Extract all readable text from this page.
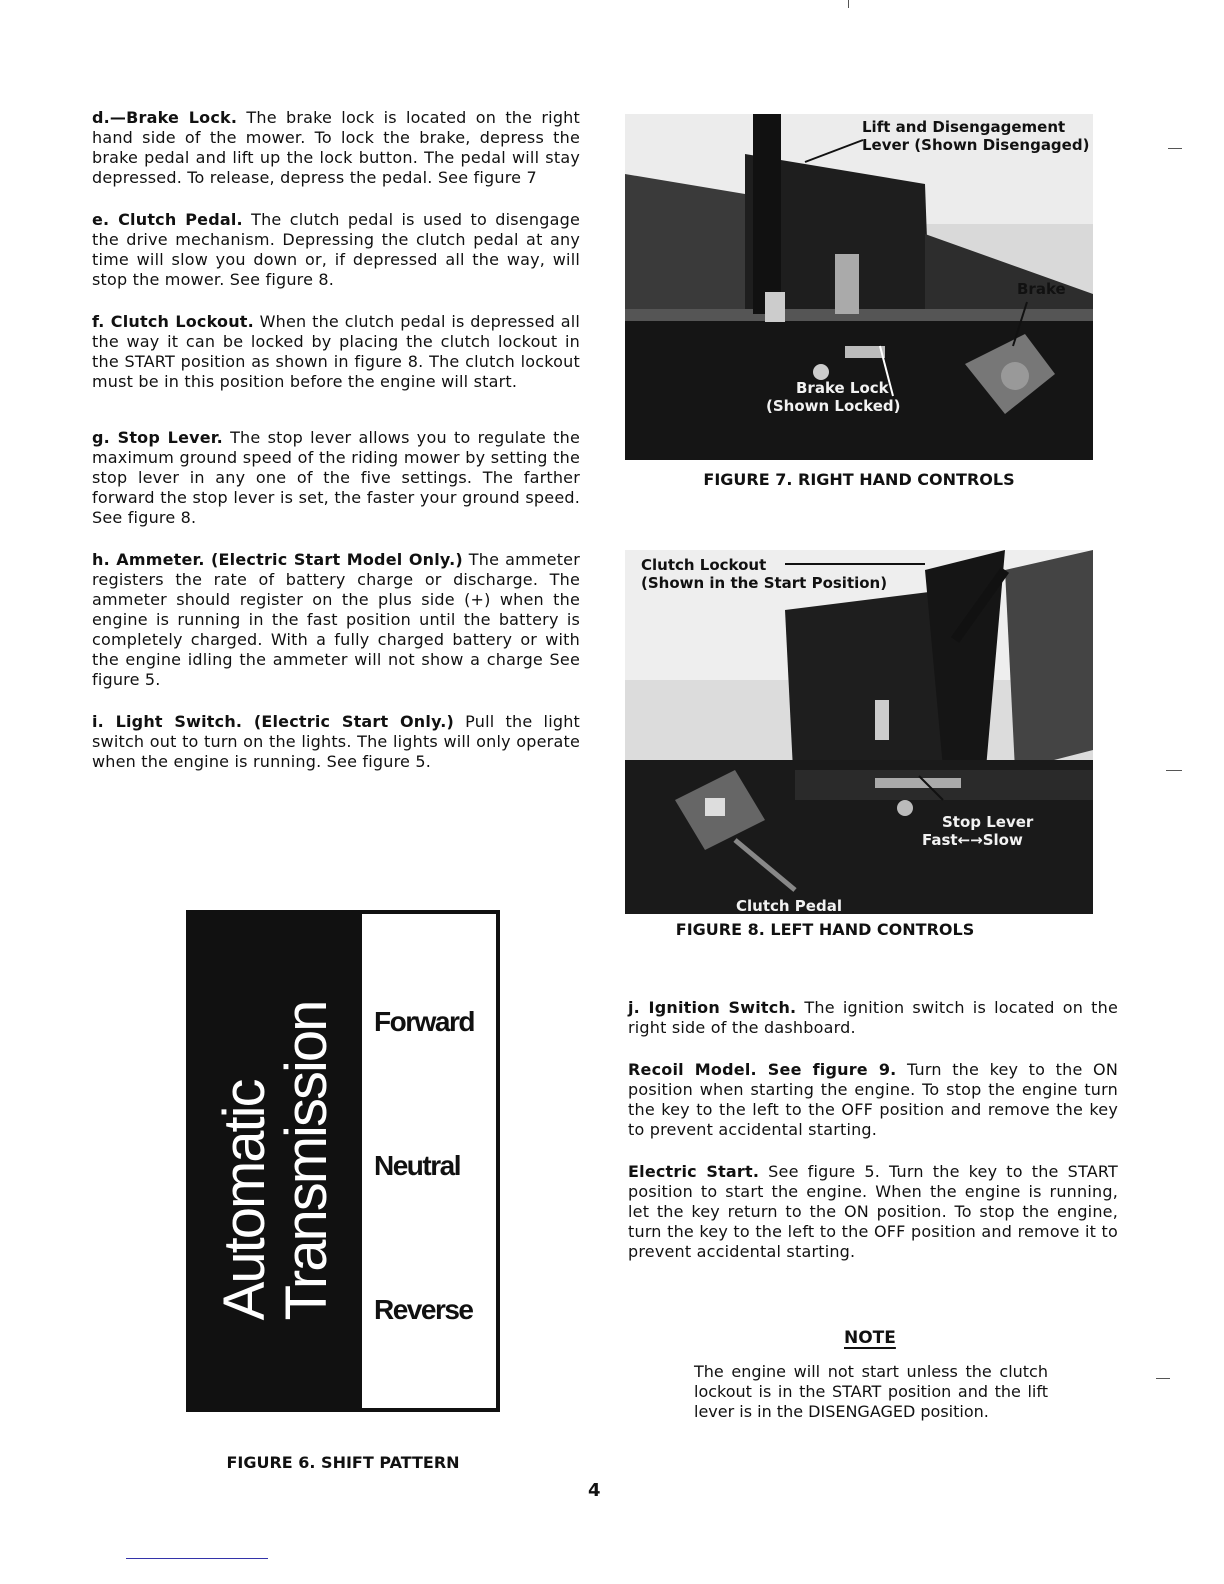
d.—Brake Lock. The brake lock is located on the right hand side of the mower. To lock the brake, depress the brake pedal and lift up the lock button. The pedal will stay depressed. To release, depress the pedal. See figure 7

e. Clutch Pedal. The clutch pedal is used to disengage the drive mechanism. Depressing the clutch pedal at any time will slow you down or, if depressed all the way, will stop the mower. See figure 8.

f. Clutch Lockout. When the clutch pedal is depressed all the way it can be locked by placing the clutch lockout in the START position as shown in figure 8. The clutch lockout must be in this position before the engine will start.

g. Stop Lever. The stop lever allows you to regulate the maximum ground speed of the riding mower by setting the stop lever in any one of the five settings. The farther forward the stop lever is set, the faster your ground speed. See figure 8.

h. Ammeter. (Electric Start Model Only.) The ammeter registers the rate of battery charge or discharge. The ammeter should register on the plus side (+) when the engine is running in the fast position until the battery is completely charged. With a fully charged battery or with the engine idling the ammeter will not show a charge See figure 5.

i. Light Switch. (Electric Start Only.) Pull the light switch out to turn on the lights. The lights will only operate when the engine is running. See figure 5.

Lift and Disengagement
Lever (Shown Disengaged)
Brake
Brake Lock
(Shown Locked)
FIGURE 7. RIGHT HAND CONTROLS
Clutch Lockout
(Shown in the Start Position)
Stop Lever
Fast←→Slow
Clutch Pedal
FIGURE 8. LEFT HAND CONTROLS
Automatic
Transmission Forward
Neutral
Reverse
FIGURE 6. SHIFT PATTERN

j. Ignition Switch. The ignition switch is located on the right side of the dashboard.

Recoil Model. See figure 9. Turn the key to the ON position when starting the engine. To stop the engine turn the key to the left to the OFF position and remove the key to prevent accidental starting.

Electric Start. See figure 5. Turn the key to the START position to start the engine. When the engine is running, let the key return to the ON position. To stop the engine, turn the key to the left to the OFF position and remove it to prevent accidental starting.

NOTE
The engine will not start unless the clutch lockout is in the START position and the lift lever is in the DISENGAGED position.
4
